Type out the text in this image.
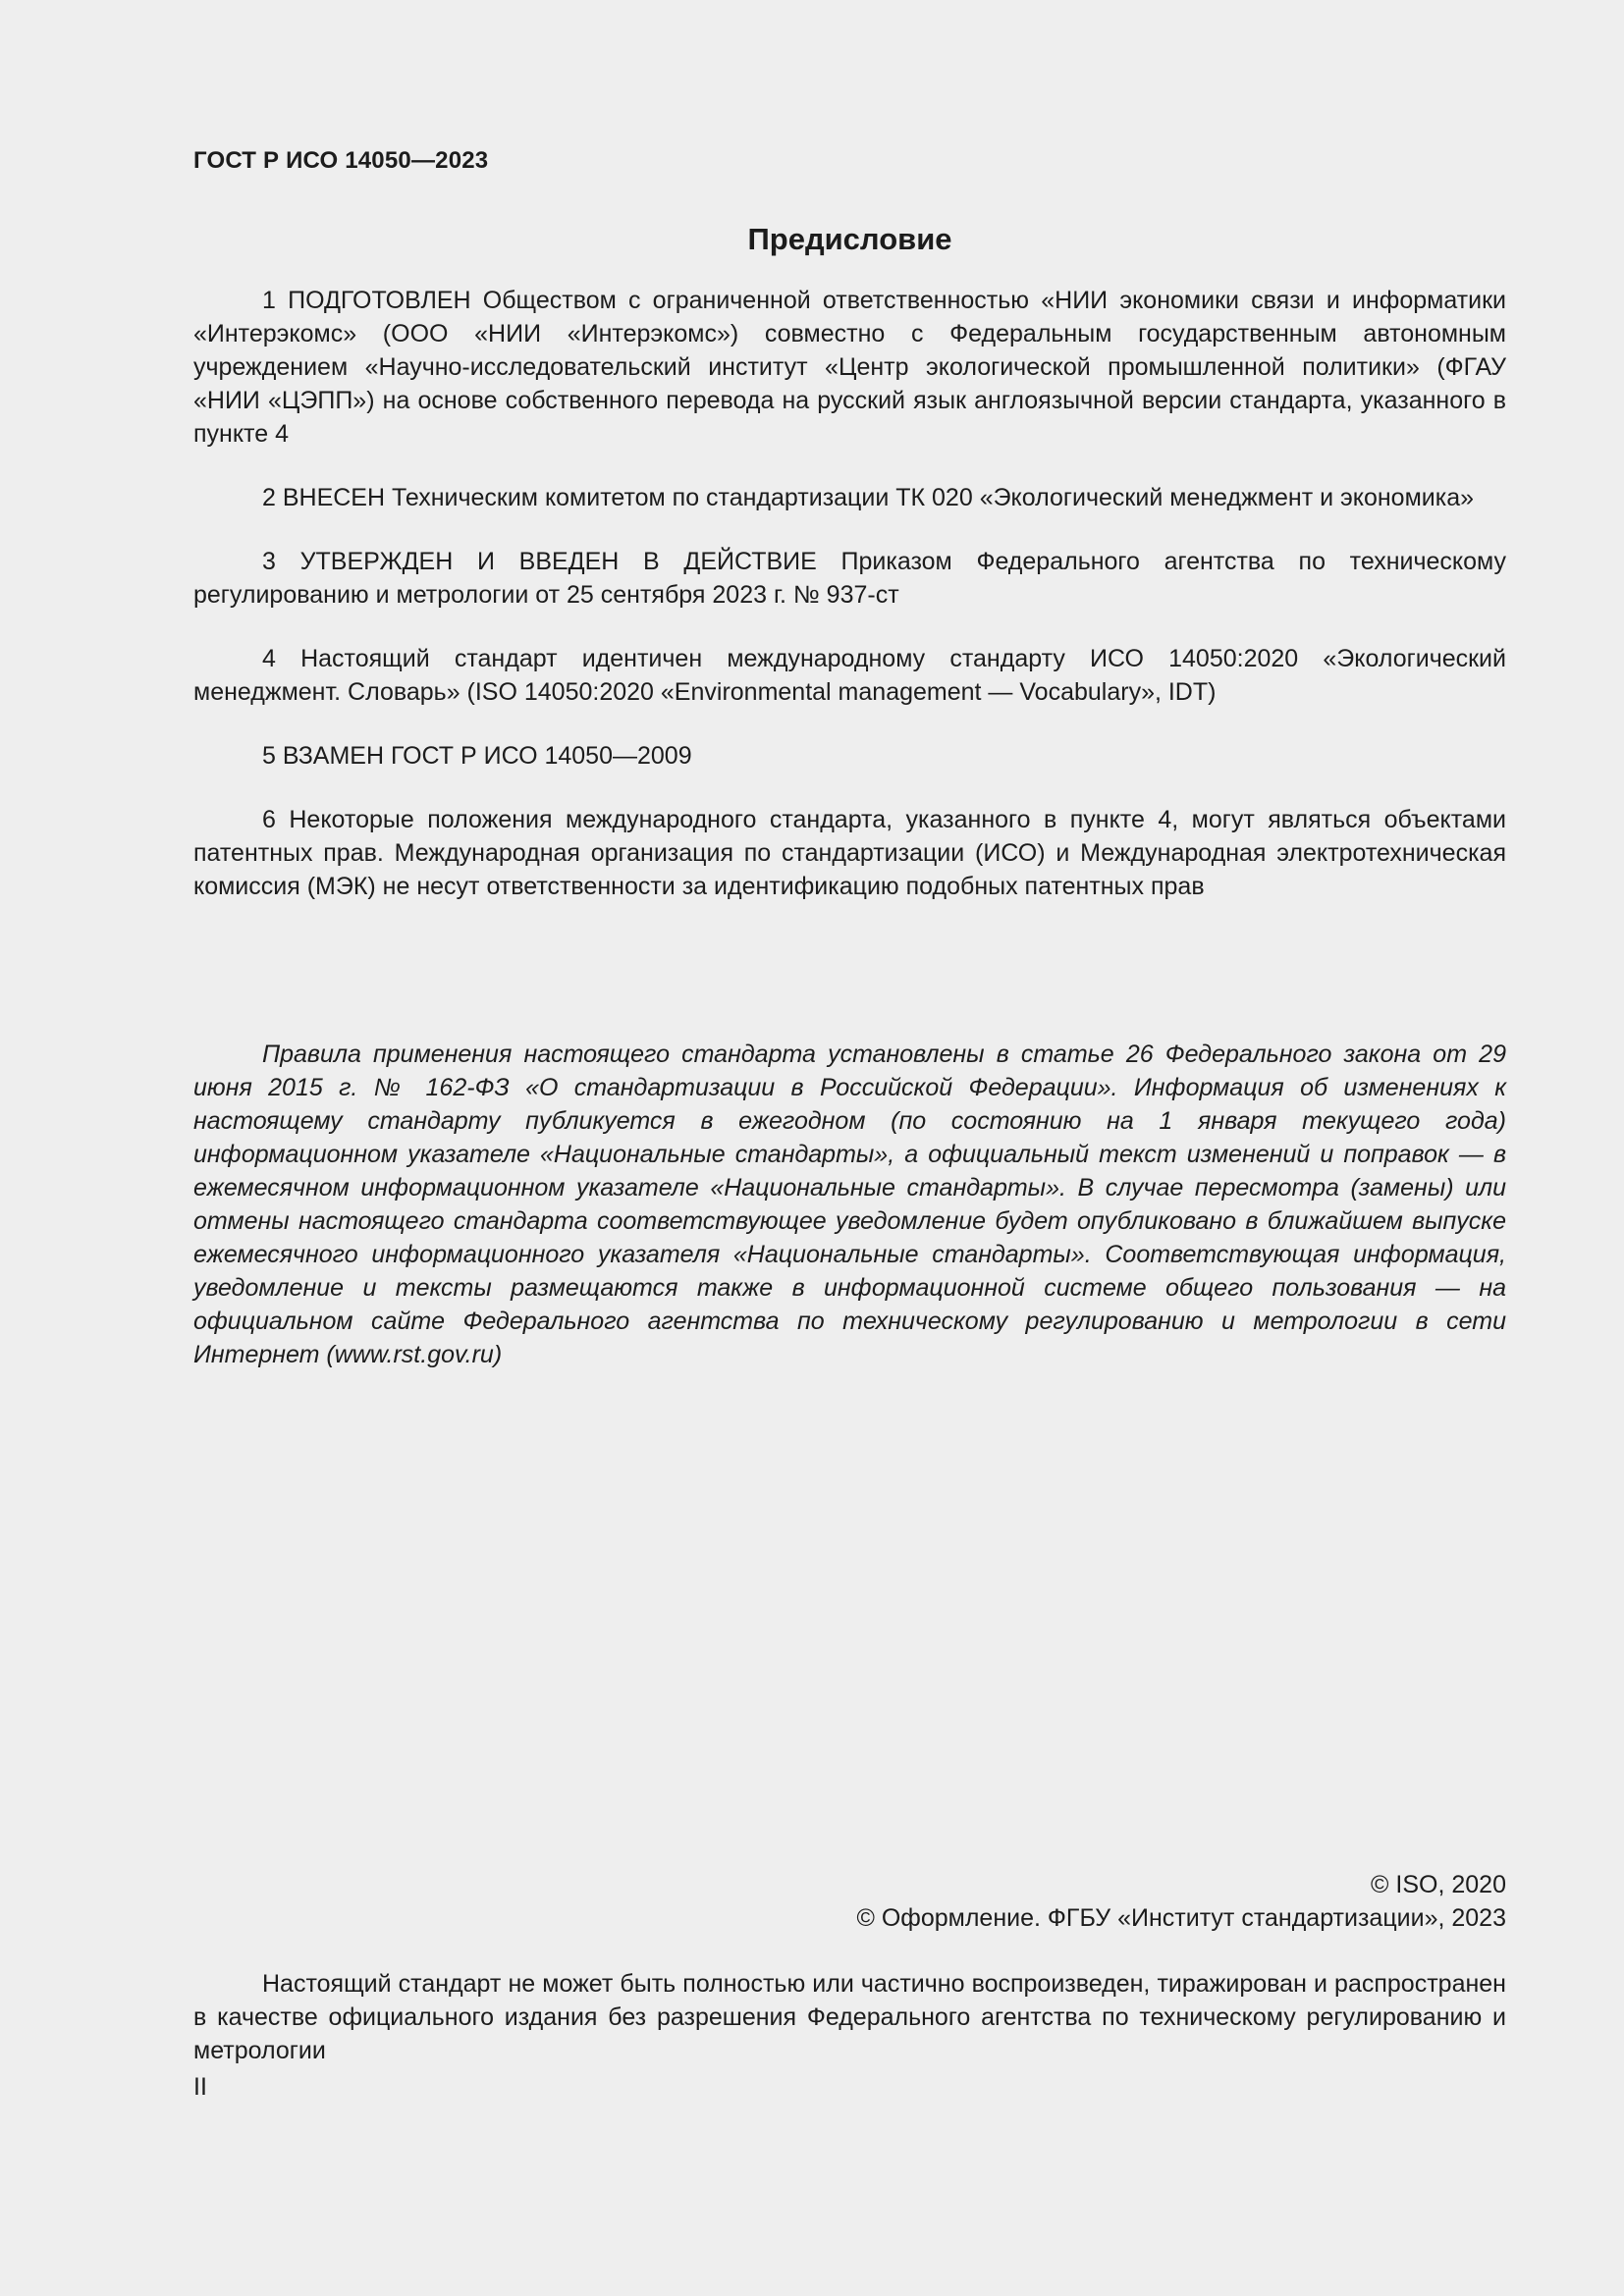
ГОСТ Р ИСО 14050—2023
Предисловие

1 ПОДГОТОВЛЕН Обществом с ограниченной ответственностью «НИИ экономики связи и информатики «Интерэкомс» (ООО «НИИ «Интерэкомс») совместно с Федеральным государственным автономным учреждением «Научно-исследовательский институт «Центр экологической промышленной политики» (ФГАУ «НИИ «ЦЭПП») на основе собственного перевода на русский язык англоязычной версии стандарта, указанного в пункте 4

2 ВНЕСЕН Техническим комитетом по стандартизации ТК 020 «Экологический менеджмент и экономика»

3 УТВЕРЖДЕН И ВВЕДЕН В ДЕЙСТВИЕ Приказом Федерального агентства по техническому регулированию и метрологии от 25 сентября 2023 г. № 937-ст

4 Настоящий стандарт идентичен международному стандарту ИСО 14050:2020 «Экологический менеджмент. Словарь» (ISO 14050:2020 «Environmental management — Vocabulary», IDT)

5 ВЗАМЕН ГОСТ Р ИСО 14050—2009

6 Некоторые положения международного стандарта, указанного в пункте 4, могут являться объектами патентных прав. Международная организация по стандартизации (ИСО) и Международная электротехническая комиссия (МЭК) не несут ответственности за идентификацию подобных патентных прав

Правила применения настоящего стандарта установлены в статье 26 Федерального закона от 29 июня 2015 г. № 162-ФЗ «О стандартизации в Российской Федерации». Информация об изменениях к настоящему стандарту публикуется в ежегодном (по состоянию на 1 января текущего года) информационном указателе «Национальные стандарты», а официальный текст изменений и поправок — в ежемесячном информационном указателе «Национальные стандарты». В случае пересмотра (замены) или отмены настоящего стандарта соответствующее уведомление будет опубликовано в ближайшем выпуске ежемесячного информационного указателя «Национальные стандарты». Соответствующая информация, уведомление и тексты размещаются также в информационной системе общего пользования — на официальном сайте Федерального агентства по техническому регулированию и метрологии в сети Интернет (www.rst.gov.ru)

© ISO, 2020
© Оформление. ФГБУ «Институт стандартизации», 2023

Настоящий стандарт не может быть полностью или частично воспроизведен, тиражирован и распространен в качестве официального издания без разрешения Федерального агентства по техническому регулированию и метрологии

II
